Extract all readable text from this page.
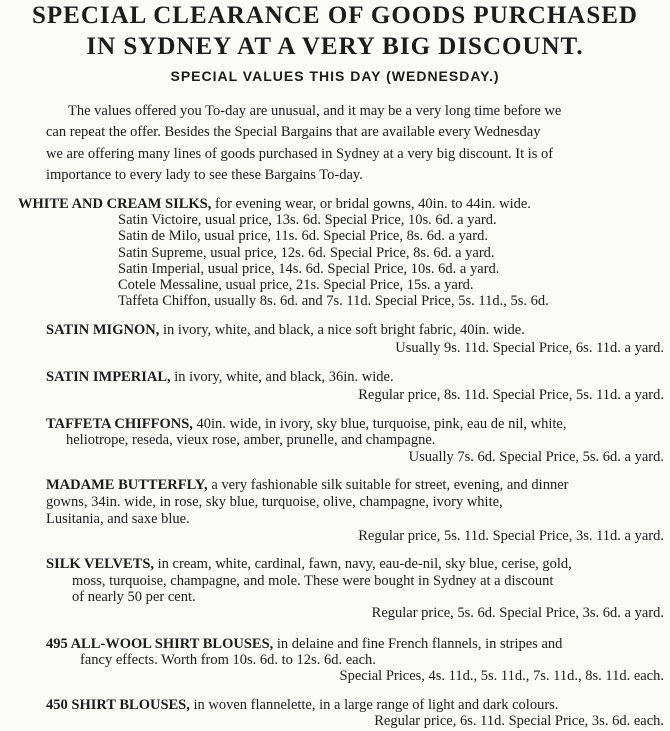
SPECIAL CLEARANCE OF GOODS PURCHASED
IN SYDNEY AT A VERY BIG DISCOUNT.
SPECIAL VALUES THIS DAY (WEDNESDAY.)
The values offered you To-day are unusual, and it may be a very long time before we
can repeat the offer. Besides the Special Bargains that are available every Wednesday
we are offering many lines of goods purchased in Sydney at a very big discount. It is of
importance to every lady to see these Bargains To-day.
WHITE AND CREAM SILKS, for evening wear, or bridal gowns, 40in. to 44in. wide.
Satin Victoire, usual price, 13s. 6d. Special Price, 10s. 6d. a yard.
Satin de Milo, usual price, 11s. 6d. Special Price, 8s. 6d. a yard.
Satin Supreme, usual price, 12s. 6d. Special Price, 8s. 6d. a yard.
Satin Imperial, usual price, 14s. 6d. Special Price, 10s. 6d. a yard.
Cotele Messaline, usual price, 21s. Special Price, 15s. a yard.
Taffeta Chiffon, usually 8s. 6d. and 7s. 11d. Special Price, 5s. 11d., 5s. 6d.
SATIN MIGNON, in ivory, white, and black, a nice soft bright fabric, 40in. wide.
Usually 9s. 11d. Special Price, 6s. 11d. a yard.
SATIN IMPERIAL, in ivory, white, and black, 36in. wide.
Regular price, 8s. 11d. Special Price, 5s. 11d. a yard.
TAFFETA CHIFFONS, 40in. wide, in ivory, sky blue, turquoise, pink, eau de nil, white,
heliotrope, reseda, vieux rose, amber, prunelle, and champagne.
Usually 7s. 6d. Special Price, 5s. 6d. a yard.
MADAME BUTTERFLY, a very fashionable silk suitable for street, evening, and dinner
gowns, 34in. wide, in rose, sky blue, turquoise, olive, champagne, ivory white,
Lusitania, and saxe blue.
Regular price, 5s. 11d. Special Price, 3s. 11d. a yard.
SILK VELVETS, in cream, white, cardinal, fawn, navy, eau-de-nil, sky blue, cerise, gold,
moss, turquoise, champagne, and mole. These were bought in Sydney at a discount
of nearly 50 per cent.
Regular price, 5s. 6d. Special Price, 3s. 6d. a yard.
495 ALL-WOOL SHIRT BLOUSES, in delaine and fine French flannels, in stripes and
fancy effects. Worth from 10s. 6d. to 12s. 6d. each.
Special Prices, 4s. 11d., 5s. 11d., 7s. 11d., 8s. 11d. each.
450 SHIRT BLOUSES, in woven flannelette, in a large range of light and dark colours.
Regular price, 6s. 11d. Special Price, 3s. 6d. each.
